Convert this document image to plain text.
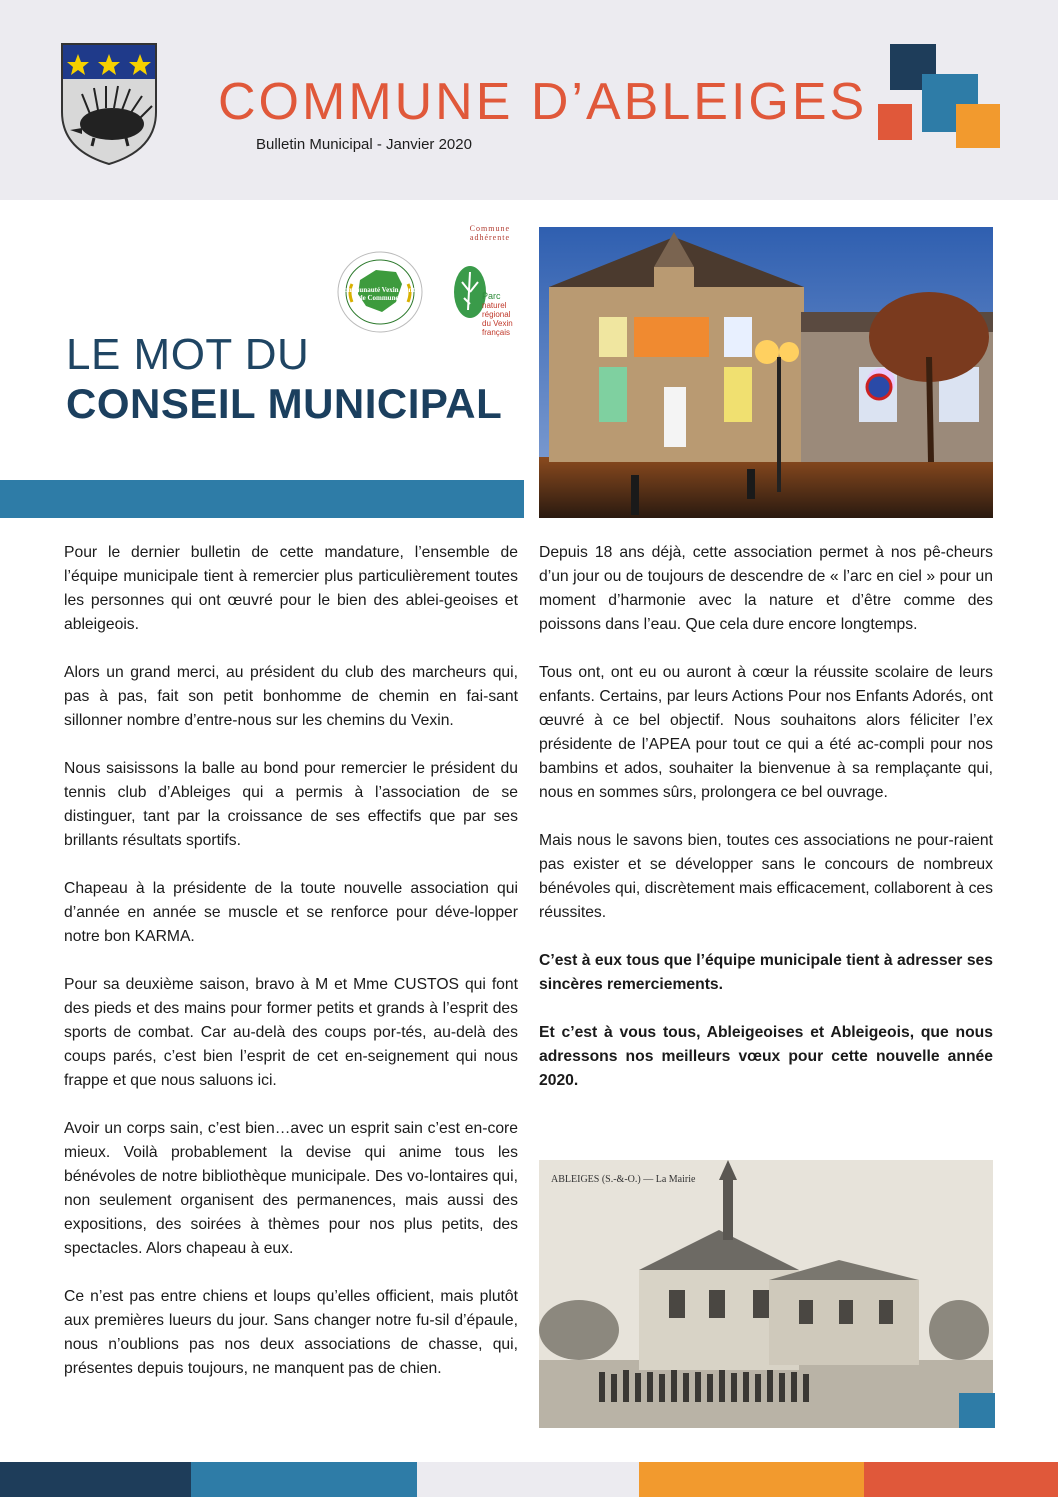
COMMUNE D’ABLEIGES
Bulletin Municipal - Janvier 2020
Communauté Vexin Centre de Communes
Commune adhérente
Parc
naturel régional du Vexin français
LE MOT DU
CONSEIL MUNICIPAL

Pour le dernier bulletin de cette mandature, l’ensemble de l’équipe municipale tient à remercier plus particulièrement toutes les personnes qui ont œuvré pour le bien des ablei-geoises et ableigeois.

Alors un grand merci, au président du club des marcheurs qui, pas à pas, fait son petit bonhomme de chemin en fai-sant sillonner nombre d’entre-nous sur les chemins du Vexin.

Nous saisissons la balle au bond pour remercier le président du tennis club d’Ableiges qui a permis à l’association de se distinguer, tant par la croissance de ses effectifs que par ses brillants résultats sportifs.

Chapeau à la présidente de la toute nouvelle association qui d’année en année se muscle et se renforce pour déve-lopper notre bon KARMA.

Pour sa deuxième saison, bravo à M et Mme CUSTOS qui font des pieds et des mains pour former petits et grands à l’esprit des sports de combat. Car au-delà des coups por-tés, au-delà des coups parés, c’est bien l’esprit de cet en-seignement qui nous frappe et que nous saluons ici.

Avoir un corps sain, c’est bien…avec un esprit sain c’est en-core mieux. Voilà probablement la devise qui anime tous les bénévoles de notre bibliothèque municipale. Des vo-lontaires qui, non seulement organisent des permanences, mais aussi des expositions, des soirées à thèmes pour nos plus petits, des spectacles. Alors chapeau à eux.

Ce n’est pas entre chiens et loups qu’elles officient, mais plutôt aux premières lueurs du jour. Sans changer notre fu-sil d’épaule, nous n’oublions pas nos deux associations de chasse, qui, présentes depuis toujours, ne manquent pas de chien.

Depuis 18 ans déjà, cette association permet à nos pê-cheurs d’un jour ou de toujours de descendre de « l’arc en ciel » pour un moment d’harmonie avec la nature et d’être comme des poissons dans l’eau. Que cela dure encore longtemps.

Tous ont, ont eu ou auront à cœur la réussite scolaire de leurs enfants. Certains, par leurs Actions Pour nos Enfants Adorés, ont œuvré à ce bel objectif. Nous souhaitons alors féliciter l’ex présidente de l’APEA pour tout ce qui a été ac-compli pour nos bambins et ados, souhaiter la bienvenue à sa remplaçante qui, nous en sommes sûrs, prolongera ce bel ouvrage.

Mais nous le savons bien, toutes ces associations ne pour-raient pas exister et se développer sans le concours de nombreux bénévoles qui, discrètement mais efficacement, collaborent à ces réussites.

C’est à eux tous que l’équipe municipale tient à adresser ses sincères remerciements.

Et c’est à vous tous, Ableigeoises et Ableigeois, que nous adressons nos meilleurs vœux pour cette nouvelle année 2020.

ABLEIGES (S.-&-O.) — La Mairie
